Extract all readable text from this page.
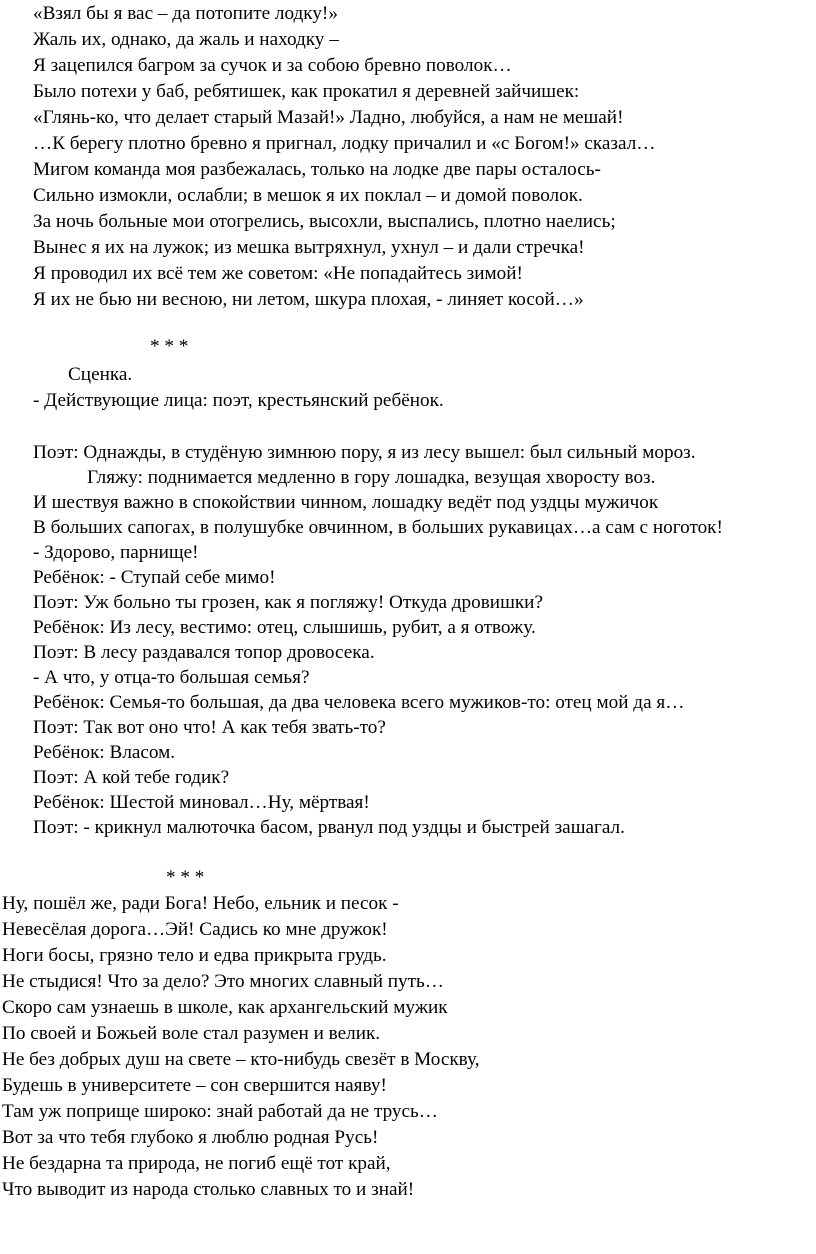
«Взял бы я вас – да потопите лодку!»
Жаль их, однако, да жаль и находку –
Я зацепился багром за сучок и за собою бревно поволок…
Было потехи у баб, ребятишек, как прокатил я деревней зайчишек:
«Глянь-ко, что делает старый Мазай!» Ладно, любуйся, а нам не мешай!
…К берегу плотно бревно я пригнал, лодку причалил и «с Богом!» сказал…
Мигом команда моя разбежалась, только на лодке две пары осталось-
Сильно измокли, ослабли; в мешок я их поклал – и домой поволок.
За ночь больные мои отогрелись, высохли, выспались, плотно наелись;
Вынес я их на лужок; из мешка вытряхнул, ухнул – и дали стречка!
Я проводил их всё тем же советом: «Не попадайтесь зимой!
Я их не бью ни весною, ни летом, шкура плохая, - линяет косой…»
* * *
Сценка.
- Действующие лица: поэт, крестьянский ребёнок.
Поэт: Однажды, в студёную зимнюю пору, я из лесу вышел: был сильный мороз.
Гляжу: поднимается медленно в гору лошадка, везущая хворосту воз.
И шествуя важно в спокойствии чинном, лошадку ведёт под уздцы мужичок
В больших сапогах, в полушубке овчинном, в больших рукавицах…а сам с ноготок!
- Здорово, парнище!
Ребёнок: - Ступай себе мимо!
Поэт: Уж больно ты грозен, как я погляжу! Откуда дровишки?
Ребёнок: Из лесу, вестимо: отец, слышишь, рубит, а я отвожу.
Поэт: В лесу раздавался топор дровосека.
- А что, у отца-то большая семья?
Ребёнок: Семья-то большая, да два человека всего мужиков-то: отец мой да я…
Поэт: Так вот оно что! А как тебя звать-то?
Ребёнок: Власом.
Поэт: А кой тебе годик?
Ребёнок: Шестой миновал…Ну, мёртвая!
Поэт: - крикнул малюточка басом, рванул под уздцы и быстрей зашагал.
* * *
Ну, пошёл же, ради Бога! Небо, ельник и песок -
Невесёлая дорога…Эй! Садись ко мне дружок!
Ноги босы, грязно тело и едва прикрыта грудь.
Не стыдися! Что за дело? Это многих славный путь…
Скоро сам узнаешь в школе, как архангельский мужик
По своей и Божьей воле стал разумен и велик.
Не без добрых душ на свете – кто-нибудь свезёт в Москву,
Будешь в университете – сон свершится наяву!
Там уж поприще широко: знай работай да не трусь…
Вот за что тебя глубоко я люблю родная Русь!
Не бездарна та природа, не погиб ещё тот край,
Что выводит из народа столько славных то и знай!
